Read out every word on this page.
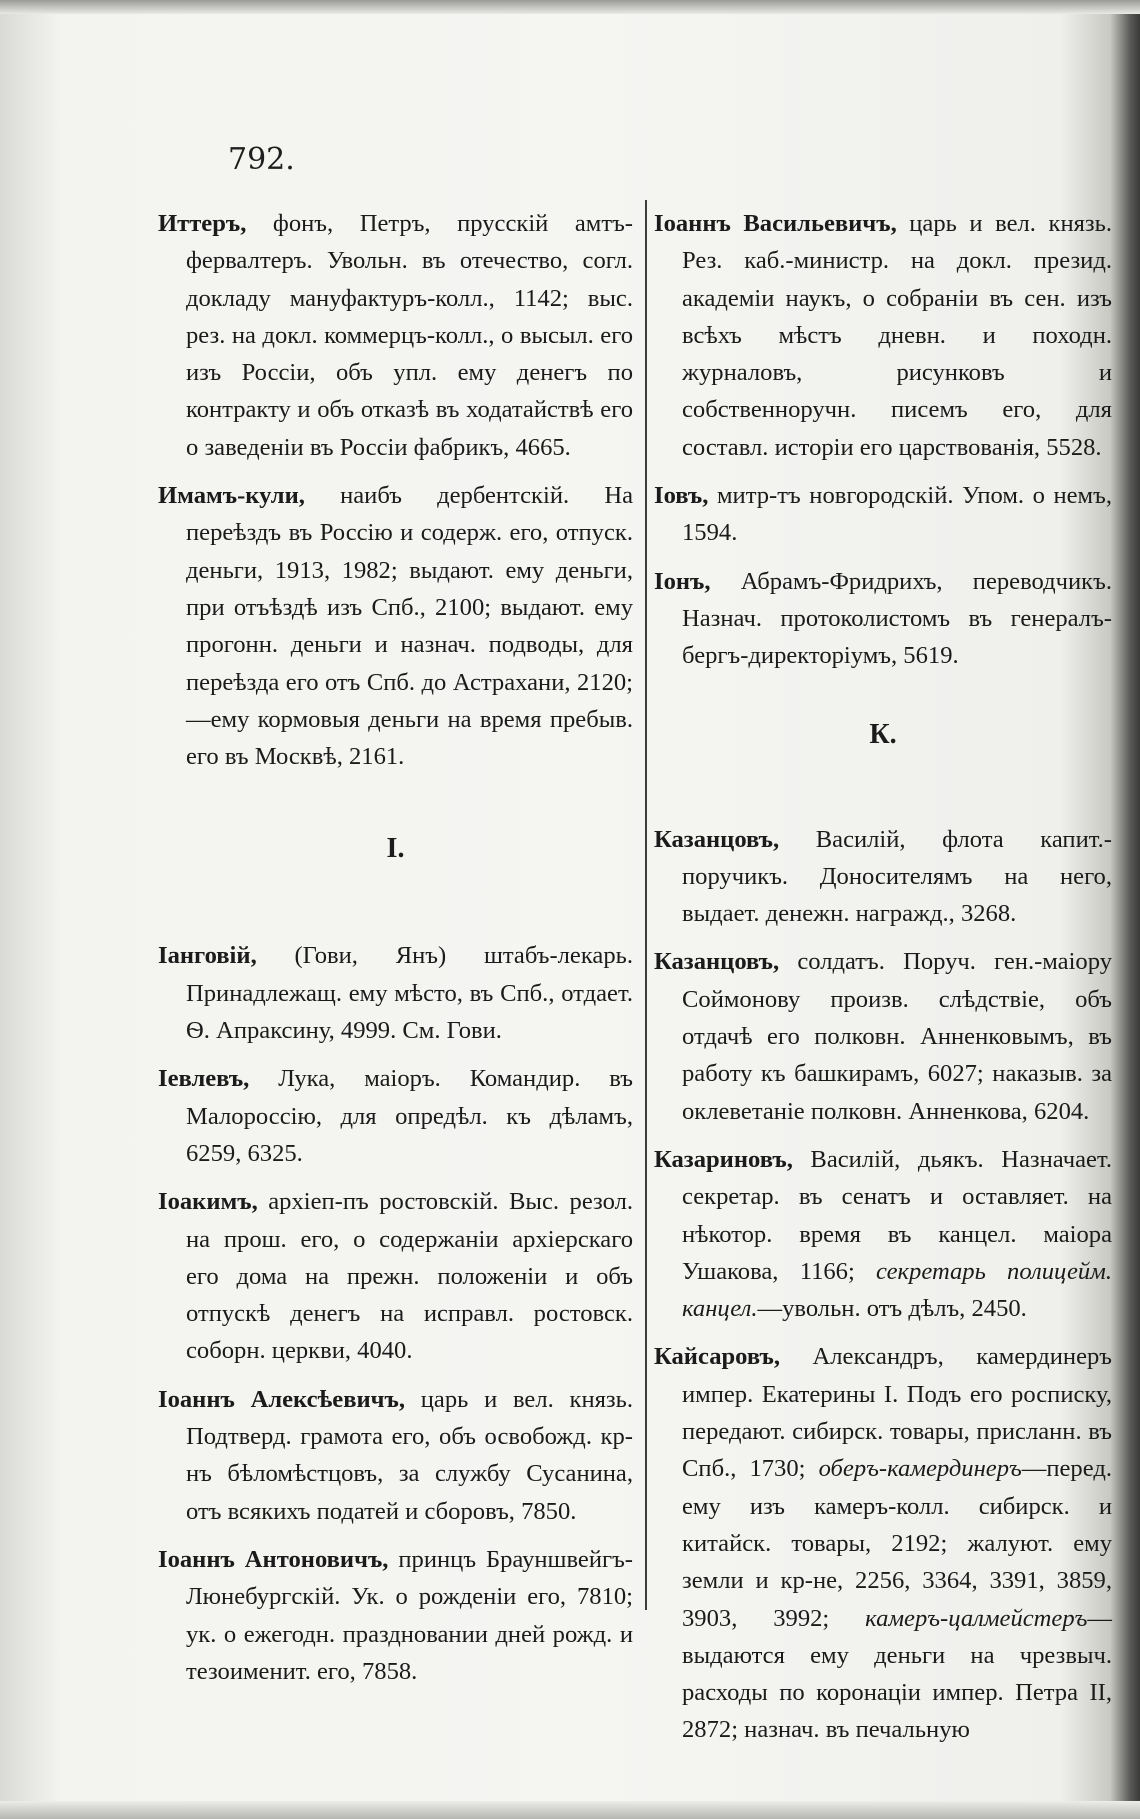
792.

Иттеръ, фонъ, Петръ, прусскій амтъ-фервалтеръ. Увольн. въ отечество, согл. докладу мануфактуръ-колл., 1142; выс. рез. на докл. коммерцъ-колл., о высыл. его изъ Россіи, объ упл. ему денегъ по контракту и объ отказѣ въ ходатайствѣ его о заведеніи въ Россіи фабрикъ, 4665.

Имамъ-кули, наибъ дербентскій. На переѣздъ въ Россію и содерж. его, отпуск. деньги, 1913, 1982; выдают. ему деньги, при отъѣздѣ изъ Спб., 2100; выдают. ему прогонн. деньги и назнач. подводы, для переѣзда его отъ Спб. до Астрахани, 2120;—ему кормовыя деньги на время пребыв. его въ Москвѣ, 2161.

I.

Іанговій, (Гови, Янъ) штабъ-лекарь. Принадлежащ. ему мѣсто, въ Спб., отдает. Ѳ. Апраксину, 4999. См. Гови.

Іевлевъ, Лука, маіоръ. Командир. въ Малороссію, для опредѣл. къ дѣламъ, 6259, 6325.

Іоакимъ, архіеп-пъ ростовскій. Выс. резол. на прош. его, о содержаніи архіерскаго его дома на прежн. положеніи и объ отпускѣ денегъ на исправл. ростовск. соборн. церкви, 4040.

Іоаннъ Алексѣевичъ, царь и вел. князь. Подтверд. грамота его, объ освобожд. кр-нъ бѣломѣстцовъ, за службу Сусанина, отъ всякихъ податей и сборовъ, 7850.

Іоаннъ Антоновичъ, принцъ Брауншвейгъ-Люнебургскій. Ук. о рожденіи его, 7810; ук. о ежегодн. праздновании дней рожд. и тезоименит. его, 7858.

Іоаннъ Васильевичъ, царь и вел. князь. Рез. каб.-министр. на докл. презид. академіи наукъ, о собраніи въ сен. изъ всѣхъ мѣстъ дневн. и походн. журналовъ, рисунковъ и собственноручн. писемъ его, для составл. исторіи его царствованія, 5528.

Іовъ, митр-тъ новгородскій. Упом. о немъ, 1594.

Іонъ, Абрамъ-Фридрихъ, переводчикъ. Назнач. протоколистомъ въ генералъ-бергъ-директоріумъ, 5619.

К.

Казанцовъ, Василій, флота капит.-поручикъ. Доносителямъ на него, выдает. денежн. награжд., 3268.

Казанцовъ, солдатъ. Поруч. ген.-маіору Соймонову произв. слѣдствіе, объ отдачѣ его полковн. Анненковымъ, въ работу къ башкирамъ, 6027; наказыв. за оклеветаніе полковн. Анненкова, 6204.

Казариновъ, Василій, дьякъ. Назначает. секретар. въ сенатъ и оставляет. на нѣкотор. время въ канцел. маіора Ушакова, 1166; секретарь полицейм. канцел.—увольн. отъ дѣлъ, 2450.

Кайсаровъ, Александръ, камердинеръ импер. Екатерины I. Подъ его росписку, передают. сибирск. товары, присланн. въ Спб., 1730; оберъ-камердинеръ—перед. ему изъ камеръ-колл. сибирск. и китайск. товары, 2192; жалуют. ему земли и кр-не, 2256, 3364, 3391, 3859, 3903, 3992; камеръ-цалмейстеръ—выдаются ему деньги на чрезвыч. расходы по коронаціи импер. Петра II, 2872; назнач. въ печальную
